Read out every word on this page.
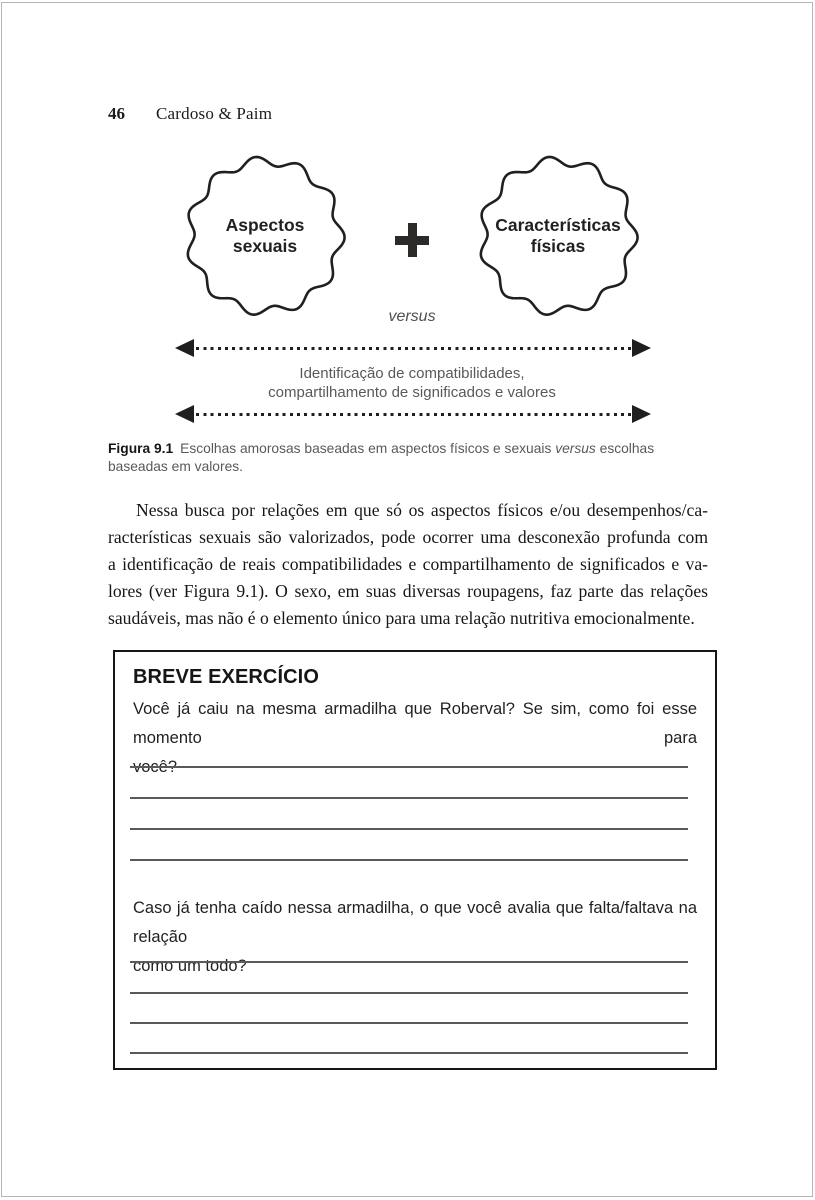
46 Cardoso & Paim
Aspectos
sexuais
Características
físicas
versus
Identificação de compatibilidades,
compartilhamento de significados e valores
Figura 9.1 Escolhas amorosas baseadas em aspectos físicos e sexuais versus escolhas baseadas em valores.
Nessa busca por relações em que só os aspectos físicos e/ou desempenhos/ca-
racterísticas sexuais são valorizados, pode ocorrer uma desconexão profunda com
a identificação de reais compatibilidades e compartilhamento de significados e va-
lores (ver Figura 9.1). O sexo, em suas diversas roupagens, faz parte das relações
saudáveis, mas não é o elemento único para uma relação nutritiva emocionalmente.
BREVE EXERCÍCIO
Você já caiu na mesma armadilha que Roberval? Se sim, como foi esse momento para
você?
Caso já tenha caído nessa armadilha, o que você avalia que falta/faltava na relação
como um todo?
